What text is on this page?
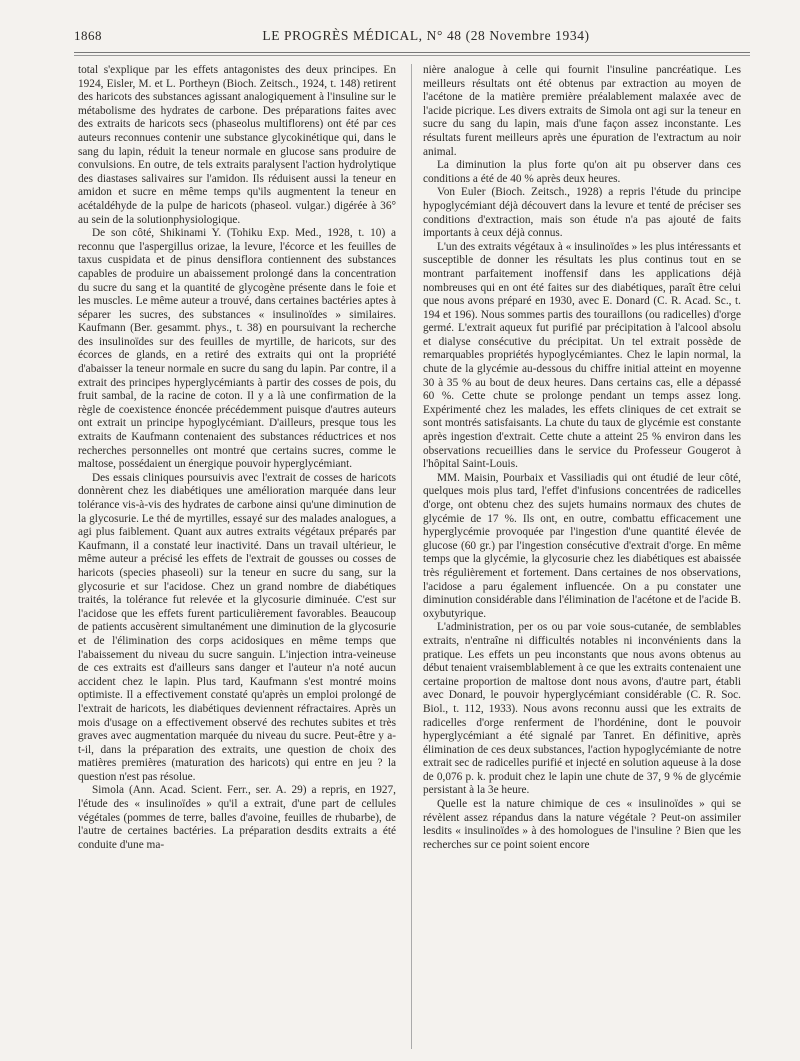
1868	LE PROGRÈS MÉDICAL, N° 48 (28 Novembre 1934)

total s'explique par les effets antagonistes des deux principes. En 1924, Eisler, M. et L. Portheyn (Bioch. Zeitsch., 1924, t. 148) retirent des haricots des substances agissant analogiquement à l'insuline sur le métabolisme des hydrates de carbone. Des préparations faites avec des extraits de haricots secs (phaseolus multiflorens) ont été par ces auteurs reconnues contenir une substance glycokinétique qui, dans le sang du lapin, réduit la teneur normale en glucose sans produire de convulsions. En outre, de tels extraits paralysent l'action hydrolytique des diastases salivaires sur l'amidon. Ils réduisent aussi la teneur en amidon et sucre en même temps qu'ils augmentent la teneur en acétaldéhyde de la pulpe de haricots (phaseol. vulgar.) digérée à 36° au sein de la solutionphysiologique.

De son côté, Shikinami Y. (Tohiku Exp. Med., 1928, t. 10) a reconnu que l'aspergillus orizae, la levure, l'écorce et les feuilles de taxus cuspidata et de pinus densiflora contiennent des substances capables de produire un abaissement prolongé dans la concentration du sucre du sang et la quantité de glycogène présente dans le foie et les muscles. Le même auteur a trouvé, dans certaines bactéries aptes à séparer les sucres, des substances « insulinoïdes » similaires. Kaufmann (Ber. gesammt. phys., t. 38) en poursuivant la recherche des insulinoïdes sur des feuilles de myrtille, de haricots, sur des écorces de glands, en a retiré des extraits qui ont la propriété d'abaisser la teneur normale en sucre du sang du lapin. Par contre, il a extrait des principes hyperglycémiants à partir des cosses de pois, du fruit sambal, de la racine de coton. Il y a là une confirmation de la règle de coexistence énoncée précédemment puisque d'autres auteurs ont extrait un principe hypoglycémiant. D'ailleurs, presque tous les extraits de Kaufmann contenaient des substances réductrices et nos recherches personnelles ont montré que certains sucres, comme le maltose, possédaient un énergique pouvoir hyperglycémiant.

Des essais cliniques poursuivis avec l'extrait de cosses de haricots donnèrent chez les diabétiques une amélioration marquée dans leur tolérance vis-à-vis des hydrates de carbone ainsi qu'une diminution de la glycosurie. Le thé de myrtilles, essayé sur des malades analogues, a agi plus faiblement. Quant aux autres extraits végétaux préparés par Kaufmann, il a constaté leur inactivité. Dans un travail ultérieur, le même auteur a précisé les effets de l'extrait de gousses ou cosses de haricots (species phaseoli) sur la teneur en sucre du sang, sur la glycosurie et sur l'acidose. Chez un grand nombre de diabétiques traités, la tolérance fut relevée et la glycosurie diminuée. C'est sur l'acidose que les effets furent particulièrement favorables. Beaucoup de patients accusèrent simultanément une diminution de la glycosurie et de l'élimination des corps acidosiques en même temps que l'abaissement du niveau du sucre sanguin. L'injection intra-veineuse de ces extraits est d'ailleurs sans danger et l'auteur n'a noté aucun accident chez le lapin. Plus tard, Kaufmann s'est montré moins optimiste. Il a effectivement constaté qu'après un emploi prolongé de l'extrait de haricots, les diabétiques deviennent réfractaires. Après un mois d'usage on a effectivement observé des rechutes subites et très graves avec augmentation marquée du niveau du sucre. Peut-être y a-t-il, dans la préparation des extraits, une question de choix des matières premières (maturation des haricots) qui entre en jeu ? la question n'est pas résolue.

Simola (Ann. Acad. Scient. Ferr., ser. A. 29) a repris, en 1927, l'étude des « insulinoïdes » qu'il a extrait, d'une part de cellules végétales (pommes de terre, balles d'avoine, feuilles de rhubarbe), de l'autre de certaines bactéries. La préparation desdits extraits a été conduite d'une ma-

nière analogue à celle qui fournit l'insuline pancréatique. Les meilleurs résultats ont été obtenus par extraction au moyen de l'acétone de la matière première préalablement malaxée avec de l'acide picrique. Les divers extraits de Simola ont agi sur la teneur en sucre du sang du lapin, mais d'une façon assez inconstante. Les résultats furent meilleurs après une épuration de l'extractum au noir animal.

La diminution la plus forte qu'on ait pu observer dans ces conditions a été de 40 % après deux heures.

Von Euler (Bioch. Zeitsch., 1928) a repris l'étude du principe hypoglycémiant déjà découvert dans la levure et tenté de préciser ses conditions d'extraction, mais son étude n'a pas ajouté de faits importants à ceux déjà connus.

L'un des extraits végétaux à « insulinoïdes » les plus intéressants et susceptible de donner les résultats les plus continus tout en se montrant parfaitement inoffensif dans les applications déjà nombreuses qui en ont été faites sur des diabétiques, paraît être celui que nous avons préparé en 1930, avec E. Donard (C. R. Acad. Sc., t. 194 et 196). Nous sommes partis des touraillons (ou radicelles) d'orge germé. L'extrait aqueux fut purifié par précipitation à l'alcool absolu et dialyse consécutive du précipitat. Un tel extrait possède de remarquables propriétés hypoglycémiantes. Chez le lapin normal, la chute de la glycémie au-dessous du chiffre initial atteint en moyenne 30 à 35 % au bout de deux heures. Dans certains cas, elle a dépassé 60 %. Cette chute se prolonge pendant un temps assez long. Expérimenté chez les malades, les effets cliniques de cet extrait se sont montrés satisfaisants. La chute du taux de glycémie est constante après ingestion d'extrait. Cette chute a atteint 25 % environ dans les observations recueillies dans le service du Professeur Gougerot à l'hôpital Saint-Louis.

MM. Maisin, Pourbaix et Vassiliadis qui ont étudié de leur côté, quelques mois plus tard, l'effet d'infusions concentrées de radicelles d'orge, ont obtenu chez des sujets humains normaux des chutes de glycémie de 17 %. Ils ont, en outre, combattu efficacement une hyperglycémie provoquée par l'ingestion d'une quantité élevée de glucose (60 gr.) par l'ingestion consécutive d'extrait d'orge. En même temps que la glycémie, la glycosurie chez les diabétiques est abaissée très régulièrement et fortement. Dans certaines de nos observations, l'acidose a paru également influencée. On a pu constater une diminution considérable dans l'élimination de l'acétone et de l'acide B. oxybutyrique.

L'administration, per os ou par voie sous-cutanée, de semblables extraits, n'entraîne ni difficultés notables ni inconvénients dans la pratique. Les effets un peu inconstants que nous avons obtenus au début tenaient vraisemblablement à ce que les extraits contenaient une certaine proportion de maltose dont nous avons, d'autre part, établi avec Donard, le pouvoir hyperglycémiant considérable (C. R. Soc. Biol., t. 112, 1933). Nous avons reconnu aussi que les extraits de radicelles d'orge renferment de l'hordénine, dont le pouvoir hyperglycémiant a été signalé par Tanret. En définitive, après élimination de ces deux substances, l'action hypoglycémiante de notre extrait sec de radicelles purifié et injecté en solution aqueuse à la dose de 0,076 p. k. produit chez le lapin une chute de 37, 9 % de glycémie persistant à la 3e heure.

Quelle est la nature chimique de ces « insulinoïdes » qui se révèlent assez répandus dans la nature végétale ? Peut-on assimiler lesdits « insulinoïdes » à des homologues de l'insuline ? Bien que les recherches sur ce point soient encore
